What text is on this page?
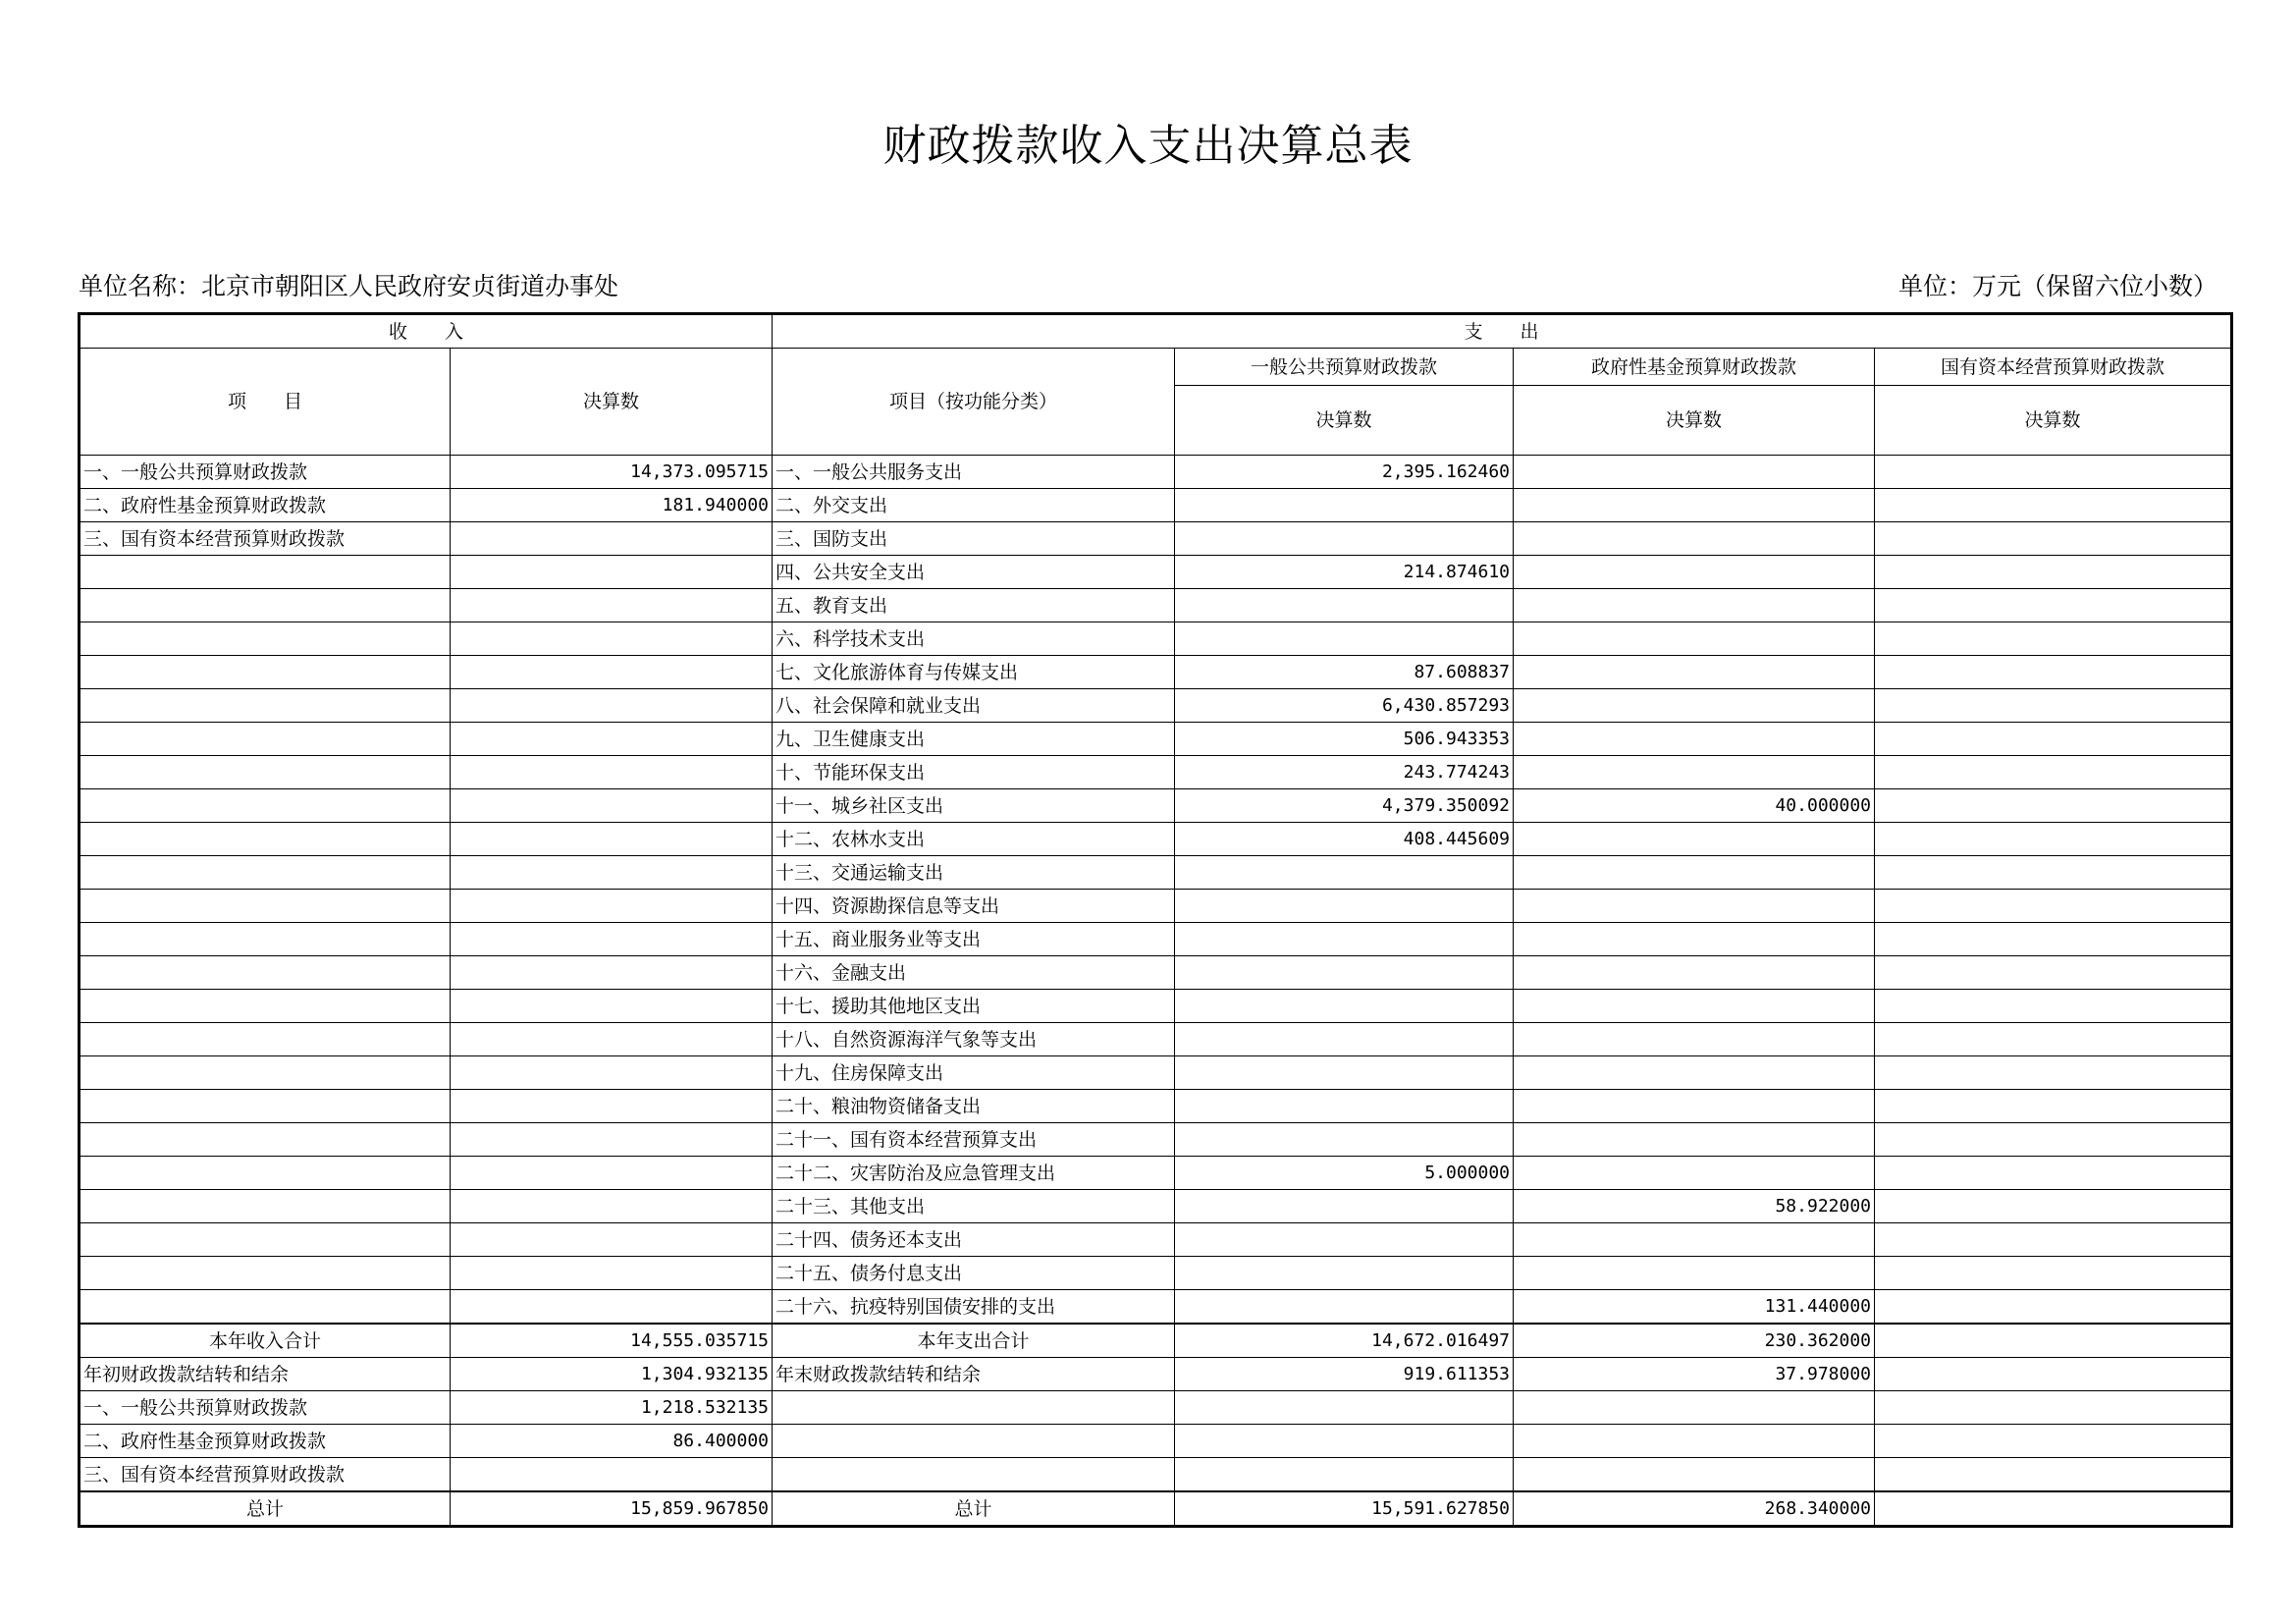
财政拨款收入支出决算总表
单位名称：北京市朝阳区人民政府安贞街道办事处	单位：万元（保留六位小数）
收　　入		支　　出			
项　　目	决算数	项目（按功能分类）	一般公共预算财政拨款	政府性基金预算财政拨款	国有资本经营预算财政拨款
			决算数	决算数	决算数
一、一般公共预算财政拨款	14,373.095715	一、一般公共服务支出	2,395.162460		
二、政府性基金预算财政拨款	181.940000	二、外交支出			
三、国有资本经营预算财政拨款		三、国防支出			
		四、公共安全支出	214.874610		
		五、教育支出			
		六、科学技术支出			
		七、文化旅游体育与传媒支出	87.608837		
		八、社会保障和就业支出	6,430.857293		
		九、卫生健康支出	506.943353		
		十、节能环保支出	243.774243		
		十一、城乡社区支出	4,379.350092	40.000000	
		十二、农林水支出	408.445609		
		十三、交通运输支出			
		十四、资源勘探信息等支出			
		十五、商业服务业等支出			
		十六、金融支出			
		十七、援助其他地区支出			
		十八、自然资源海洋气象等支出			
		十九、住房保障支出			
		二十、粮油物资储备支出			
		二十一、国有资本经营预算支出			
		二十二、灾害防治及应急管理支出	5.000000		
		二十三、其他支出		58.922000	
		二十四、债务还本支出			
		二十五、债务付息支出			
		二十六、抗疫特别国债安排的支出		131.440000	
本年收入合计	14,555.035715	本年支出合计	14,672.016497	230.362000	
年初财政拨款结转和结余	1,304.932135	年末财政拨款结转和结余	919.611353	37.978000	
一、一般公共预算财政拨款	1,218.532135				
二、政府性基金预算财政拨款	86.400000				
三、国有资本经营预算财政拨款					
总计	15,859.967850	总计	15,591.627850	268.340000	
